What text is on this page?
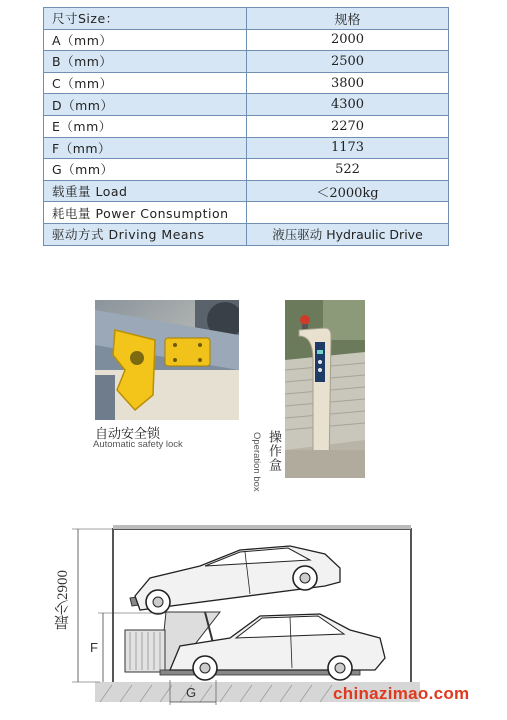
尺寸Size：	规格
A（mm）	2000
B（mm）	2500
C（mm）	3800
D（mm）	4300
E（mm）	2270
F（mm）	1173
G（mm）	522
载重量 Load	＜2000kg
耗电量 Power Consumption	
驱动方式 Driving Means	液压驱动 Hydraulic Drive
自动安全锁
Automatic safety lock	操作盒
Operation box
最少2900
F
G	chinazimao.com
